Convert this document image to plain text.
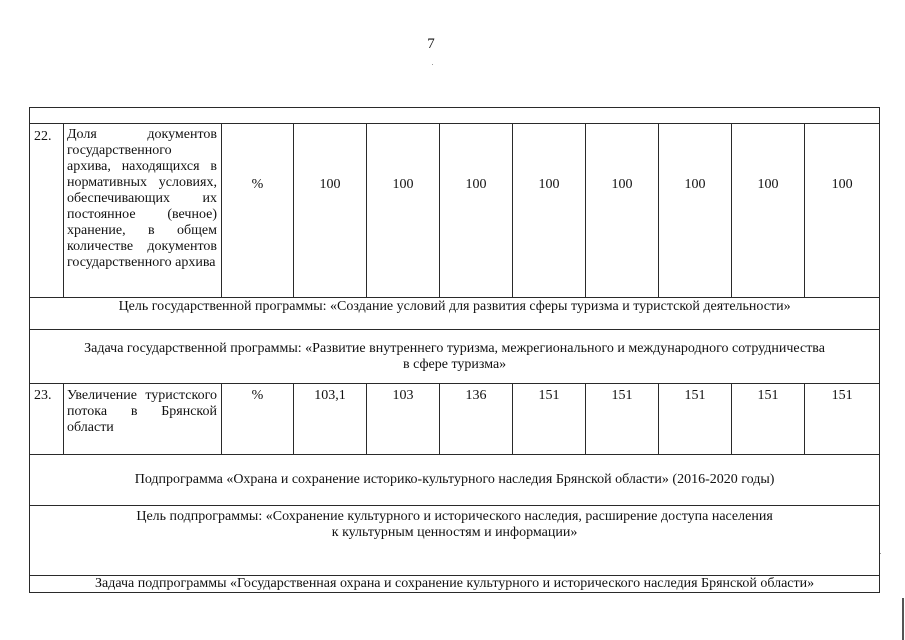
7

22.	Доля документов государственного архива, находящихся в нормативных условиях, обеспечивающих их постоянное (вечное) хранение, в общем количестве документов государственного архива	%	100	100	100	100	100	100	100	100
Цель государственной программы: «Создание условий для развития сферы туризма и туристской деятельности»										

Задача государственной программы: «Развитие внутреннего туризма, межрегионального и международного сотрудничества
в сфере туризма»										

23.	Увеличение туристского потока в Брянской области	%	103,1	103	136	151	151	151	151	151
Подпрограмма «Охрана и сохранение историко-культурного наследия Брянской области» (2016-2020 годы)										

Цель подпрограммы: «Сохранение культурного и исторического наследия, расширение доступа населения
к культурным ценностям и информации»										

Задача подпрограммы «Государственная охрана и сохранение культурного и исторического наследия Брянской области»										
